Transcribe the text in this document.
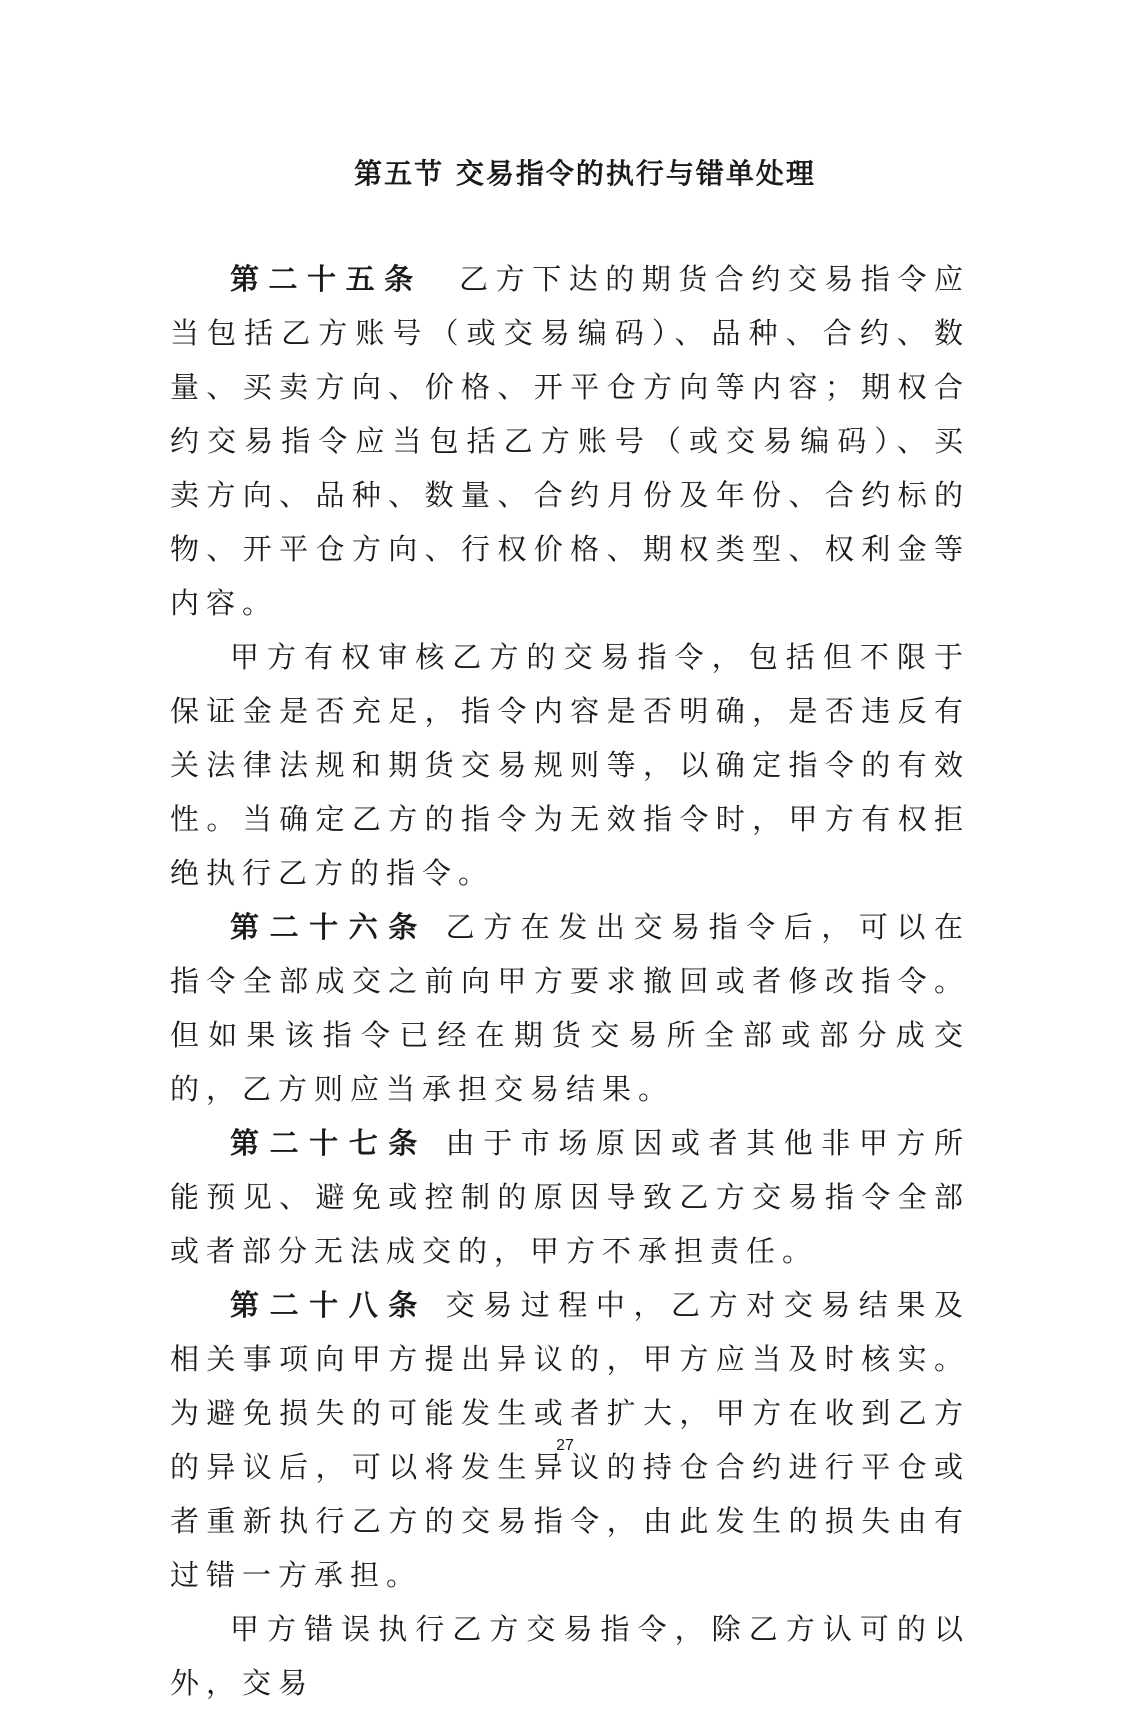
第五节 交易指令的执行与错单处理

第二十五条　 乙方下达的期货合约交易指令应当包括乙方账号（或交易编码）、品种、合约、数量、买卖方向、价格、开平仓方向等内容；期权合约交易指令应当包括乙方账号（或交易编码）、买卖方向、品种、数量、合约月份及年份、合约标的物、开平仓方向、行权价格、期权类型、权利金等内容。

甲方有权审核乙方的交易指令，包括但不限于保证金是否充足，指令内容是否明确，是否违反有关法律法规和期货交易规则等，以确定指令的有效性。当确定乙方的指令为无效指令时，甲方有权拒绝执行乙方的指令。

第二十六条 乙方在发出交易指令后，可以在指令全部成交之前向甲方要求撤回或者修改指令。但如果该指令已经在期货交易所全部或部分成交的，乙方则应当承担交易结果。

第二十七条 由于市场原因或者其他非甲方所能预见、避免或控制的原因导致乙方交易指令全部或者部分无法成交的，甲方不承担责任。

第二十八条 交易过程中，乙方对交易结果及相关事项向甲方提出异议的，甲方应当及时核实。为避免损失的可能发生或者扩大，甲方在收到乙方的异议后，可以将发生异议的持仓合约进行平仓或者重新执行乙方的交易指令，由此发生的损失由有过错一方承担。

甲方错误执行乙方交易指令，除乙方认可的以外，交易

27
